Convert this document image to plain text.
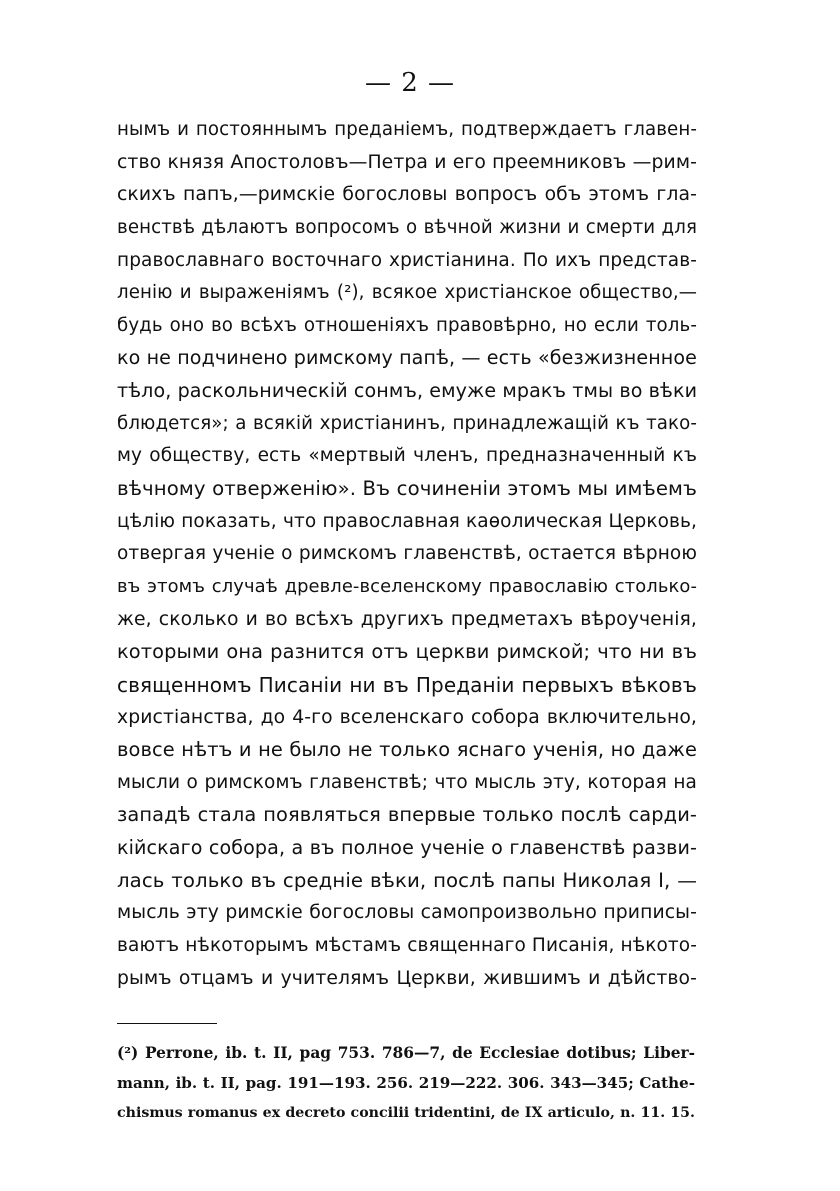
— 2 —
нымъ и постояннымъ преданіемъ, подтверждаетъ главен-
ство князя Апостоловъ—Петра и его преемниковъ —рим-
скихъ папъ,—римскіе богословы вопросъ объ этомъ гла-
венствѣ дѣлаютъ вопросомъ о вѣчной жизни и смерти для
православнаго восточнаго христіанина. По ихъ представ-
ленію и выраженіямъ (²), всякое христіанское общество,—
будь оно во всѣхъ отношеніяхъ правовѣрно, но если толь-
ко не подчинено римскому папѣ, — есть «безжизненное
тѣло, раскольническій сонмъ, емуже мракъ тмы во вѣки
блюдется»; а всякій христіанинъ, принадлежащій къ тако-
му обществу, есть «мертвый членъ, предназначенный къ
вѣчному отверженію». Въ сочиненіи этомъ мы имѣемъ
цѣлію показать, что православная каѳолическая Церковь,
отвергая ученіе о римскомъ главенствѣ, остается вѣрною
въ этомъ случаѣ древле-вселенскому православію столько-
же, сколько и во всѣхъ другихъ предметахъ вѣроученія,
которыми она разнится отъ церкви римской; что ни въ
священномъ Писаніи ни въ Преданіи первыхъ вѣковъ
христіанства, до 4-го вселенскаго собора включительно,
вовсе нѣтъ и не было не только яснаго ученія, но даже
мысли о римскомъ главенствѣ; что мысль эту, которая на
западѣ стала появляться впервые только послѣ сарди-
кійскаго собора, а въ полное ученіе о главенствѣ разви-
лась только въ средніе вѣки, послѣ папы Николая I, —
мысль эту римскіе богословы самопроизвольно приписы-
ваютъ нѣкоторымъ мѣстамъ священнаго Писанія, нѣкото-
рымъ отцамъ и учителямъ Церкви, жившимъ и дѣйство-
(²) Perrone, ib. t. II, pag 753. 786—7, de Ecclesiae dotibus; Liber-
mann, ib. t. II, pag. 191—193. 256. 219—222. 306. 343—345; Cathe-
chismus romanus ex decreto concilii tridentini, de IX articulo, n. 11. 15.
